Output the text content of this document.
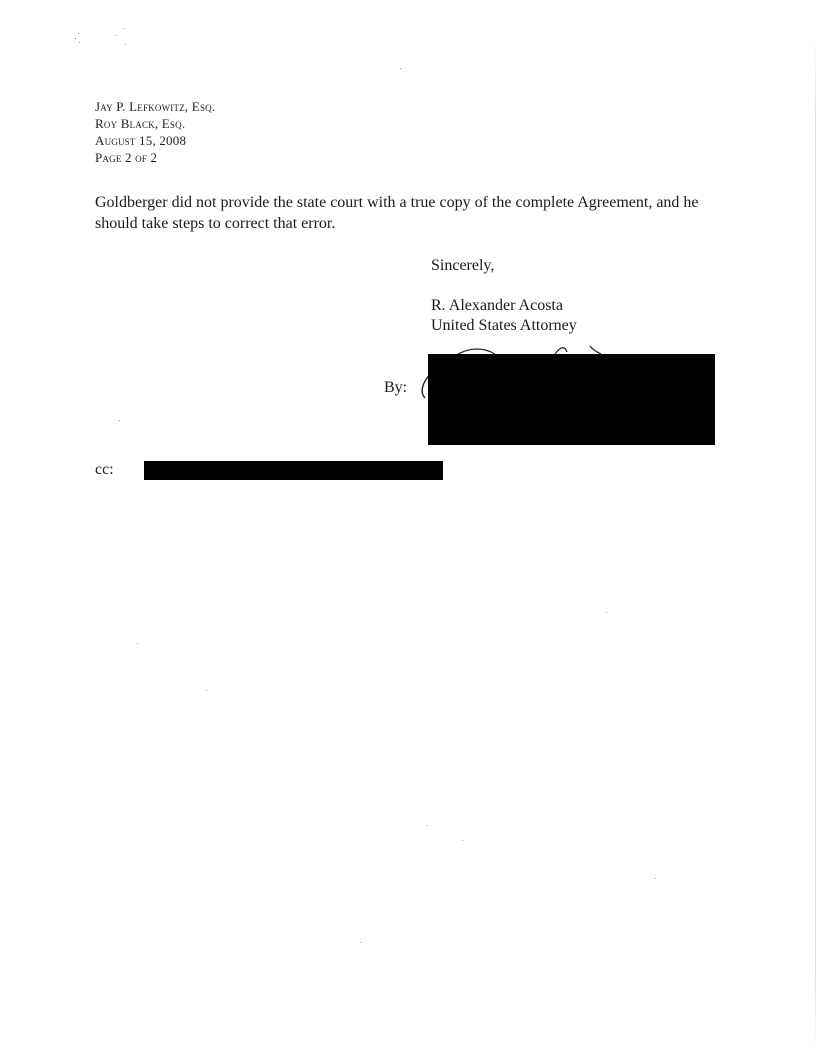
Jay P. Lefkowitz, Esq.
Roy Black, Esq.
August 15, 2008
Page 2 of 2
Goldberger did not provide the state court with a true copy of the complete Agreement, and he should take steps to correct that error.
Sincerely,
R. Alexander Acosta
United States Attorney
By:
cc:
